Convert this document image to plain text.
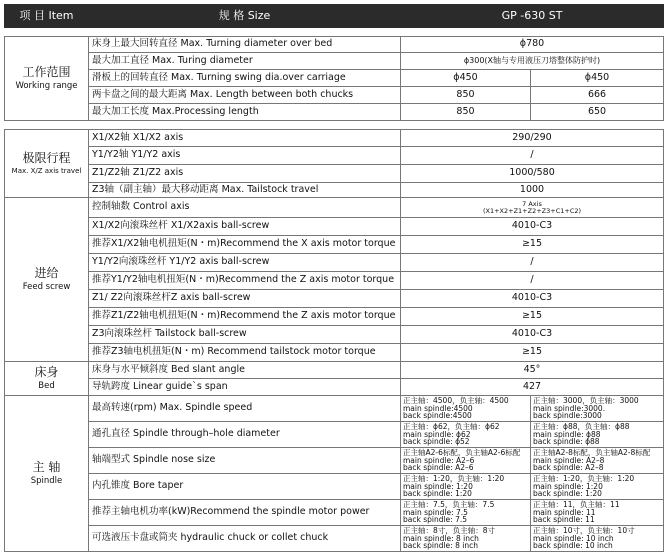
项 目 Item	规 格 Size	GP -630 ST	

工作范围
Working range	床身上最大回转直径 Max. Turning diameter over bed	ϕ780	
	最大加工直径 Max. Turing diameter	ϕ300(X轴与专用液压刀塔整体防护时)	
	滑板上的回转直径 Max. Turning swing dia.over carriage	ϕ450	ϕ450
	两卡盘之间的最大距离 Max. Length between both chucks	850	666
	最大加工长度 Max.Processing length	850	650

极限行程
Max. X/Z axis travel	X1/X2轴 X1/X2 axis	290/290	
	Y1/Y2轴 Y1/Y2 axis	/	
	Z1/Z2轴 Z1/Z2 axis	1000/580	
	Z3轴（副主轴）最大移动距离 Max. Tailstock travel	1000	
进给
Feed screw	控制轴数 Control axis	7 Axis
(X1+X2+Z1+Z2+Z3+C1+C2)	
	X1/X2向滚珠丝杆 X1/X2axis ball-screw	4010-C3	
	推荐X1/X2轴电机扭矩(N・m)Recommend the X axis motor torque	≥15	
	Y1/Y2向滚珠丝杆 Y1/Y2 axis ball-screw	/	
	推荐Y1/Y2轴电机扭矩(N・m)Recommend the Z axis motor torque	/	
	Z1/ Z2向滚珠丝杆Z axis ball-screw	4010-C3	
	推荐Z1/Z2轴电机扭矩(N・m)Recommend the Z axis motor torque	≥15	
	Z3向滚珠丝杆 Tailstock ball-screw	4010-C3	
	推荐Z3轴电机扭矩(N・m) Recommend tailstock motor torque	≥15	
床身
Bed	床身与水平倾斜度 Bed slant angle	45°	
	导轨跨度 Linear guide`s span	427	
主 轴
Spindle	最高转速(rpm) Max. Spindle speed	正主轴：4500，负主轴：4500
main spindle:4500
back spindle:4500	正主轴：3000，负主轴：3000
main spindle:3000.
back spindle:3000
	通孔直径 Spindle through–hole diameter	正主轴：ϕ62，负主轴：ϕ62
main spindle: ϕ62
back spindle: ϕ52	正主轴：ϕ88，负主轴：ϕ88
main spindle: ϕ88
back spindle: ϕ88
	轴端型式 Spindle nose size	正主轴A2-6标配，负主轴A2-6标配
main spindle: A2–6
back spindle: A2–6	正主轴A2-8标配，负主轴A2-8标配
main spindle: A2–8
back spindle: A2–8
	内孔锥度 Bore taper	正主轴：1:20，负主轴：1:20
main spindle: 1:20
back spindle: 1:20	正主轴：1:20，负主轴：1:20
main spindle: 1:20
back spindle: 1:20
	推荐主轴电机功率(kW)Recommend the spindle motor power	正主轴：7.5，负主轴：7.5
main spindle: 7.5
back spindle: 7.5	正主轴：11，负主轴：11
main spindle: 11
back spindle: 11
	可选液压卡盘或筒夹 hydraulic chuck or collet chuck	正主轴：8寸，负主轴：8寸
main spindle: 8 inch
back spindle: 8 inch	正主轴：10寸，负主轴：10寸
main spindle: 10 inch
back spindle: 10 inch
